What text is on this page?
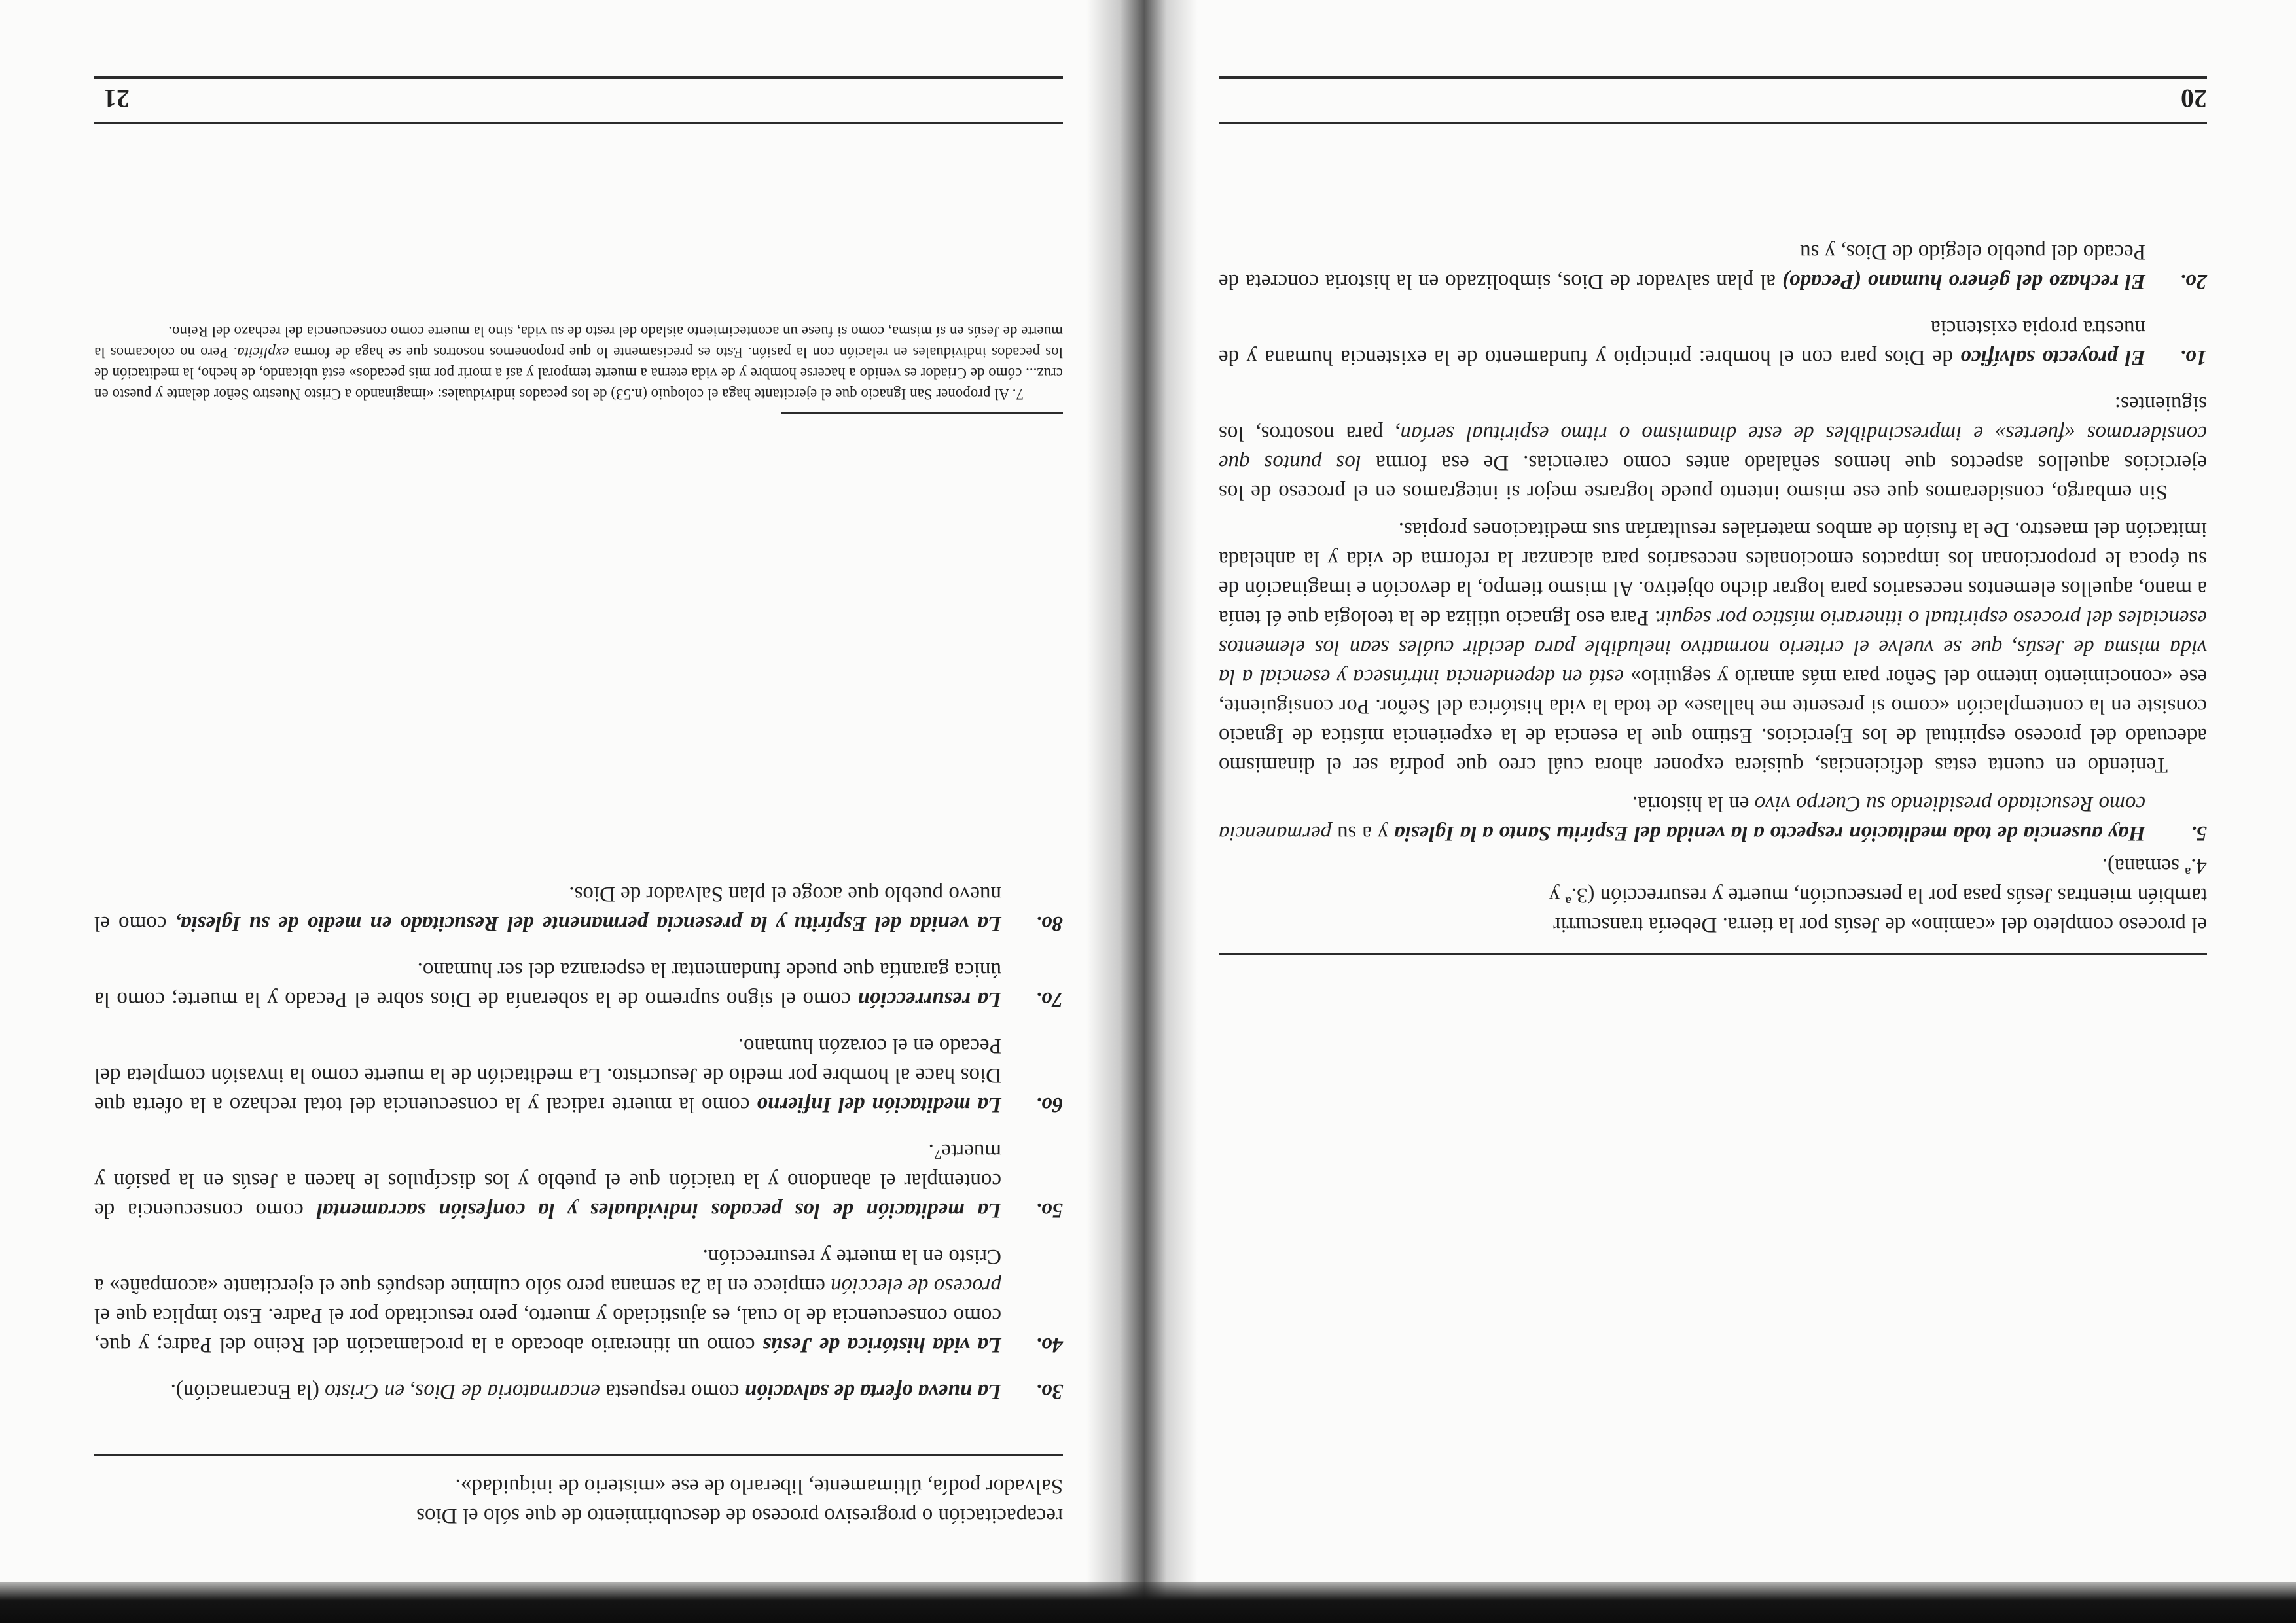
20

el proceso completo del «camino» de Jesús por la tierra. Debería transcurrir
también mientras Jesús pasa por la persecución, muerte y resurrección (3.ª y
4.ª semana).

5.
Hay ausencia de toda meditación respecto a la venida del Espíritu Santo a la Iglesia y a su permanencia como Resucitado presidiendo su Cuerpo vivo en la historia.

Teniendo en cuenta estas deficiencias, quisiera exponer ahora cuál creo que podría ser el dinamismo adecuado del proceso espiritual de los Ejercicios. Estimo que la esencia de la experiencia mística de Ignacio consiste en la contemplación «como si presente me hallase» de toda la vida histórica del Señor. Por consiguiente, ese «conocimiento interno del Señor para más amarlo y seguirlo» está en dependencia intrínseca y esencial a la vida misma de Jesús, que se vuelve el criterio normativo ineludible para decidir cuáles sean los elementos esenciales del proceso espiritual o itinerario místico por seguir. Para eso Ignacio utiliza de la teología que él tenía a mano, aquellos elementos necesarios para lograr dicho objetivo. Al mismo tiempo, la devoción e imaginación de su época le proporcionan los impactos emocionales necesarios para alcanzar la reforma de vida y la anhelada imitación del maestro. De la fusión de ambos materiales resultarían sus meditaciones propias.

Sin embargo, consideramos que ese mismo intento puede lograrse mejor si integramos en el proceso de los ejercicios aquellos aspectos que hemos señalado antes como carencias. De esa forma los puntos que consideramos «fuertes» e imprescindibles de este dinamismo o ritmo espiritual serían, para nosotros, los siguientes:

1o.
El proyecto salvífico de Dios para con el hombre: principio y fundamento de la existencia humana y de nuestra propia existencia
2o.
El rechazo del género humano (Pecado) al plan salvador de Dios, simbolizado en la historia concreta de Pecado del pueblo elegido de Dios, y su
21

recapacitación o progresivo proceso de descubrimiento de que sólo el Dios
Salvador podía, últimamente, liberarlo de ese «misterio de iniquidad».

3o.
La nueva oferta de salvación como respuesta encarnatoria de Dios, en Cristo (la Encarnación).
4o.
La vida histórica de Jesús como un itinerario abocado a la proclamación del Reino del Padre; y que, como consecuencia de lo cual, es ajusticiado y muerto, pero resucitado por el Padre. Esto implica que el proceso de elección empiece en la 2a semana pero sólo culmine después que el ejercitante «acompañe» a Cristo en la muerte y resurrección.
5o.
La meditación de los pecados individuales y la confesión sacramental como consecuencia de contemplar el abandono y la traición que el pueblo y los discípulos le hacen a Jesús en la pasión y muerte⁷.
6o.
La meditación del Infierno como la muerte radical y la consecuencia del total rechazo a la oferta que Dios hace al hombre por medio de Jesucristo. La meditación de la muerte como la invasión completa del Pecado en el corazón humano.
7o.
La resurrección como el signo supremo de la soberanía de Dios sobre el Pecado y la muerte; como la única garantía que puede fundamentar la esperanza del ser humano.
8o.
La venida del Espíritu y la presencia permanente del Resucitado en medio de su Iglesia, como el nuevo pueblo que acoge el plan Salvador de Dios.

7. Al proponer San Ignacio que el ejercitante haga el coloquio (n.53) de los pecados individuales: «imaginando a Cristo Nuestro Señor delante y puesto en cruz... cómo de Criador es venido a hacerse hombre y de vida eterna a muerte temporal y así a morir por mis pecados» está ubicando, de hecho, la meditación de los pecados individuales en relación con la pasión. Esto es precisamente lo que proponemos nosotros que se haga de forma explícita. Pero no colocamos la muerte de Jesús en sí misma, como si fuese un acontecimiento aislado del resto de su vida, sino la muerte como consecuencia del rechazo del Reino.
